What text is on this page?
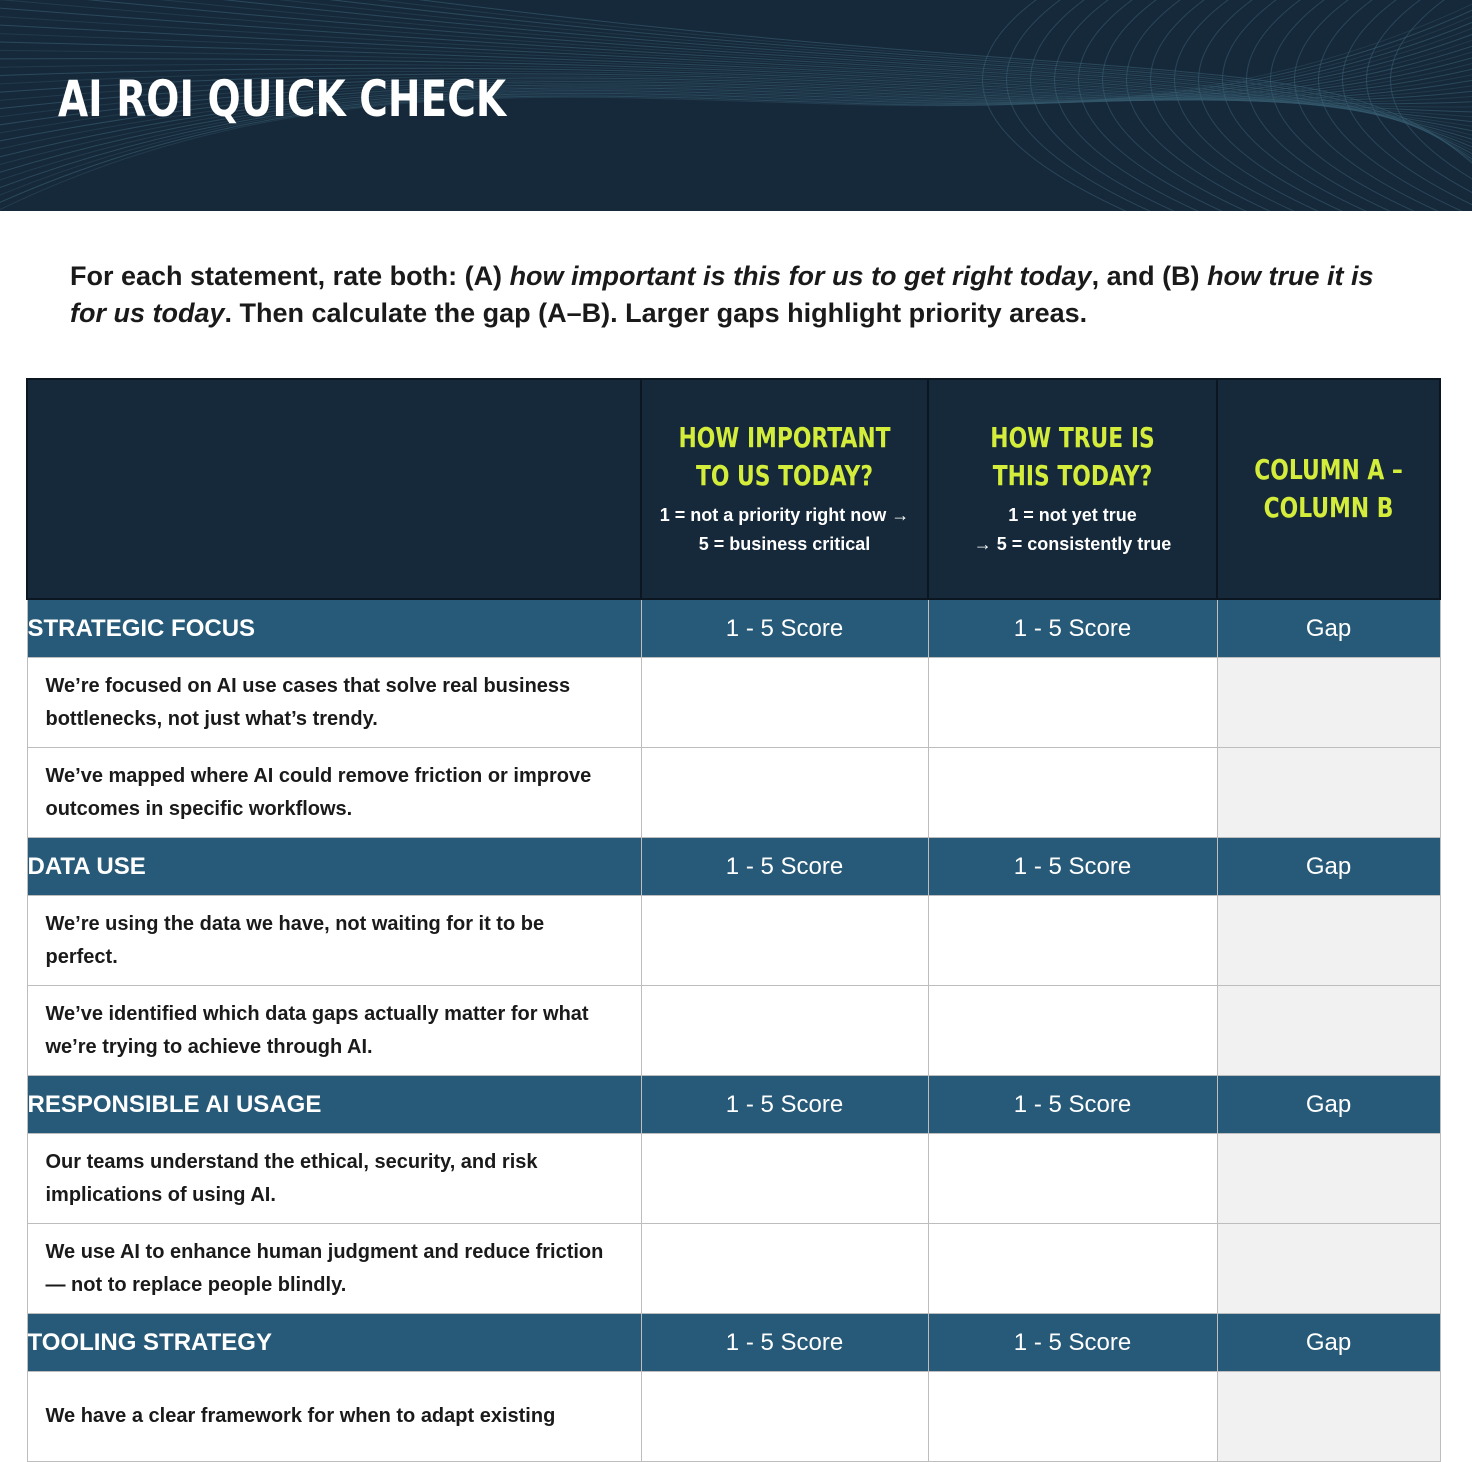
AI ROI QUICK CHECK

For each statement, rate both: (A) how important is this for us to get right today, and (B) how true it is for us today. Then calculate the gap (A–B). Larger gaps highlight priority areas.

	HOW IMPORTANT
TO US TODAY?
1 = not a priority right now →
5 = business critical	HOW TRUE IS
THIS TODAY?
1 = not yet true
→ 5 = consistently true	COLUMN A –
COLUMN B

STRATEGIC FOCUS	1 - 5 Score	1 - 5 Score	Gap
We’re focused on AI use cases that solve real business bottlenecks, not just what’s trendy.			
We’ve mapped where AI could remove friction or improve outcomes in specific workflows.			
DATA USE	1 - 5 Score	1 - 5 Score	Gap
We’re using the data we have, not waiting for it to be perfect.			
We’ve identified which data gaps actually matter for what we’re trying to achieve through AI.			
RESPONSIBLE AI USAGE	1 - 5 Score	1 - 5 Score	Gap
Our teams understand the ethical, security, and risk implications of using AI.			
We use AI to enhance human judgment and reduce friction — not to replace people blindly.			
TOOLING STRATEGY	1 - 5 Score	1 - 5 Score	Gap
We have a clear framework for when to adapt existing			
